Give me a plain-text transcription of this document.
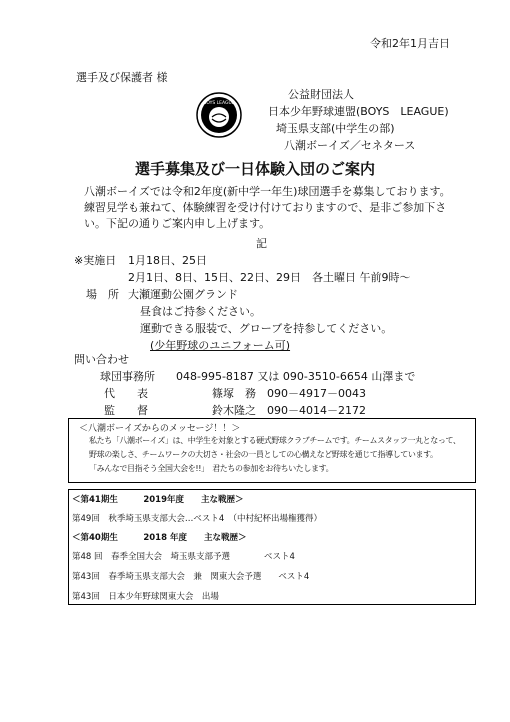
令和2年1月吉日
選手及び保護者 様
BOYS LEAGUE
公益財団法人
日本少年野球連盟(BOYS　LEAGUE)
埼玉県支部(中学生の部)
八潮ボーイズ／セネタース
選手募集及び一日体験入団のご案内
八潮ボーイズでは令和2年度(新中学一年生)球団選手を募集しております。
練習見学も兼ねて、体験練習を受け付けておりますので、是非ご参加下さ
い。下記の通りご案内申し上げます。
記
※実施日 1月18日、25日
2月1日、8日、15日、22日、29日　各土曜日 午前9時～
場　所 大瀬運動公園グランド
昼食はご持参ください。
運動できる服装で、グローブを持参してください。
(少年野球のユニフォーム可)
問い合わせ
球団事務所 048-995-8187 又は 090-3510-6654 山澤まで
代　　表	篠塚　務　090－4917－0043
監　　督	鈴木隆之　090－4014－2172
＜八潮ボーイズからのメッセージ！！＞
私たち「八潮ボーイズ」は、中学生を対象とする硬式野球クラブチームです。チームスタッフ一丸となって、
野球の楽しさ、チームワークの大切さ・社会の一員としての心構えなど野球を通じて指導しています。
「みんなで目指そう全国大会を!!」　君たちの参加をお待ちいたします。
＜第41期生　　　2019年度　　主な戦歴＞
第49回　秋季埼玉県支部大会…ベスト4　（中村紀杯出場権獲得）
＜第40期生　　　2018 年度　　主な戦歴＞
第48 回　春季全国大会　埼玉県支部予選　　　　ベスト4
第43回　春季埼玉県支部大会　兼　関東大会予選　　ベスト4
第43回　日本少年野球関東大会　出場
